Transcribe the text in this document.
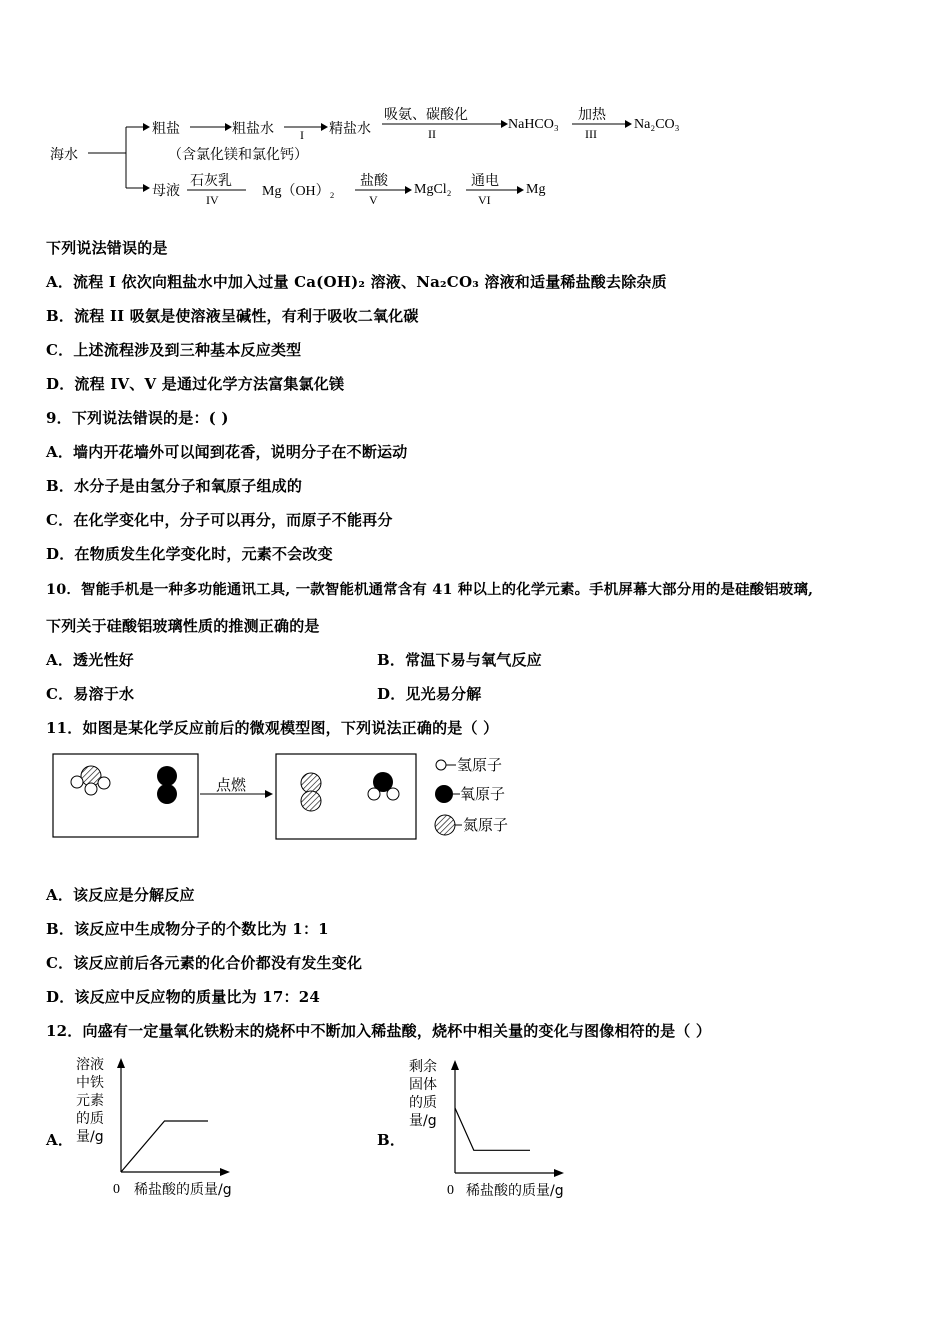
海水
粗盐	粗盐水
（含氯化镁和氯化钙）
I 精盐水
吸氨、碳酸化
II
NaHCO₃
加热
III
Na₂CO₃
母液
石灰乳
IV
Mg（OH）₂
盐酸
V
MgCl₂
通电
VI
Mg
下列说法错误的是
A．流程 I 依次向粗盐水中加入过量 Ca(OH)₂ 溶液、Na₂CO₃ 溶液和适量稀盐酸去除杂质
B．流程 II 吸氨是使溶液呈碱性，有利于吸收二氧化碳
C．上述流程涉及到三种基本反应类型
D．流程 IV、V 是通过化学方法富集氯化镁
9．下列说法错误的是：( )
A．墙内开花墙外可以闻到花香，说明分子在不断运动
B．水分子是由氢分子和氧原子组成的
C．在化学变化中，分子可以再分，而原子不能再分
D．在物质发生化学变化时，元素不会改变
10．智能手机是一种多功能通讯工具, 一款智能机通常含有 41 种以上的化学元素。手机屏幕大部分用的是硅酸铝玻璃,
下列关于硅酸铝玻璃性质的推测正确的是
A．透光性好	B．常温下易与氧气反应
C．易溶于水	D．见光易分解
11．如图是某化学反应前后的微观模型图，下列说法正确的是（ ）
点燃
氢原子
氧原子
氮原子
A．该反应是分解反应
B．该反应中生成物分子的个数比为 1：1
C．该反应前后各元素的化合价都没有发生变化
D．该反应中反应物的质量比为 17：24
12．向盛有一定量氧化铁粉末的烧杯中不断加入稀盐酸，烧杯中相关量的变化与图像相符的是（ ）
A．
溶液
中铁
元素
的质
量/g
0 稀盐酸的质量/g
B．
剩余
固体
的质
量/g
0 稀盐酸的质量/g
